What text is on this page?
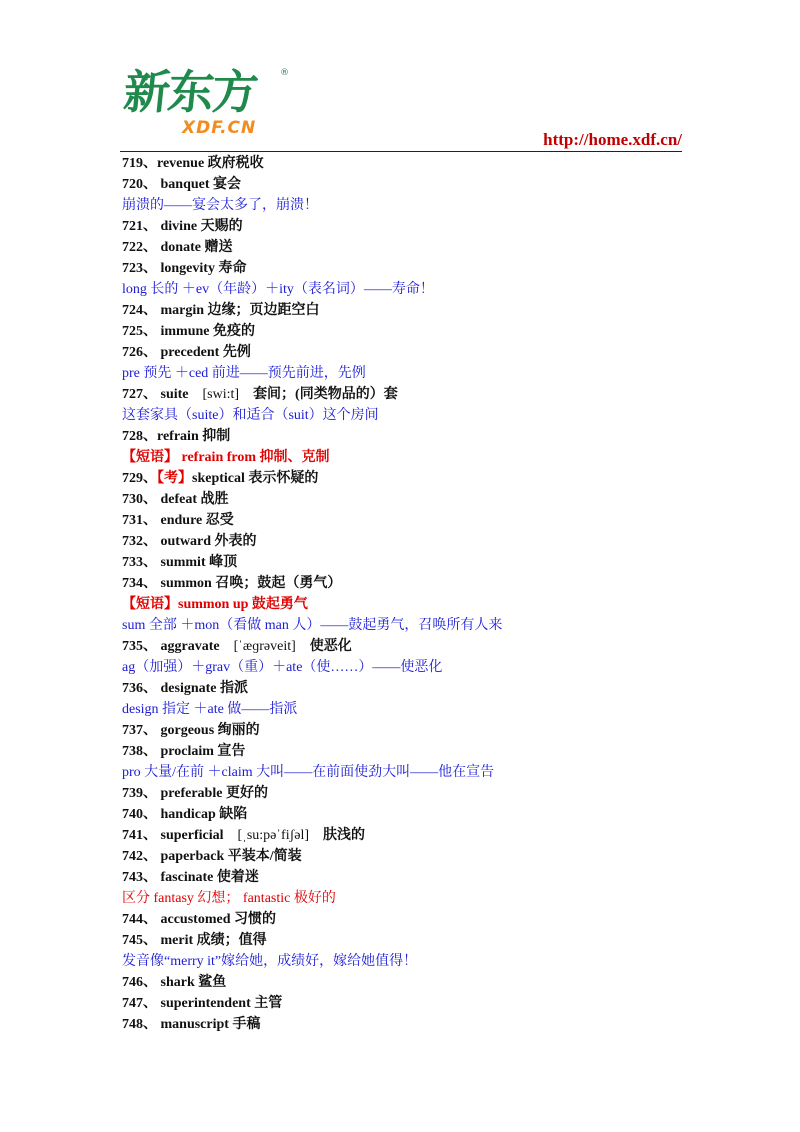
新东方 ®
XDF.CN
http://home.xdf.cn/
719、revenue 政府税收
720、 banquet 宴会
崩溃的——宴会太多了，崩溃！
721、 divine 天赐的
722、 donate 赠送
723、 longevity 寿命
long 长的 ＋ev（年龄）＋ity（表名词）——寿命！
724、 margin 边缘；页边距空白
725、 immune 免疫的
726、 precedent 先例
pre 预先 ＋ced 前进——预先前进，先例
727、 suite [swi:t] 套间；(同类物品的）套
这套家具（suite）和适合（suit）这个房间
728、refrain 抑制
【短语】 refrain from 抑制、克制
729、【考】skeptical 表示怀疑的
730、 defeat 战胜
731、 endure 忍受
732、 outward 外表的
733、 summit 峰顶
734、 summon 召唤；鼓起（勇气）
【短语】summon up 鼓起勇气
sum 全部 ＋mon（看做 man 人）——鼓起勇气，召唤所有人来
735、 aggravate [ˈæɡrəveit] 使恶化
ag（加强）＋grav（重）＋ate（使……）——使恶化
736、 designate 指派
design 指定 ＋ate 做——指派
737、 gorgeous 绚丽的
738、 proclaim 宣告
pro 大量/在前 ＋claim 大叫——在前面使劲大叫——他在宣告
739、 preferable 更好的
740、 handicap 缺陷
741、 superficial [ˌsu:pəˈfiʃəl] 肤浅的
742、 paperback 平装本/简装
743、 fascinate 使着迷
区分 fantasy 幻想； fantastic 极好的
744、 accustomed 习惯的
745、 merit 成绩；值得
发音像“merry it”嫁给她，成绩好，嫁给她值得！
746、 shark 鲨鱼
747、 superintendent 主管
748、 manuscript 手稿
